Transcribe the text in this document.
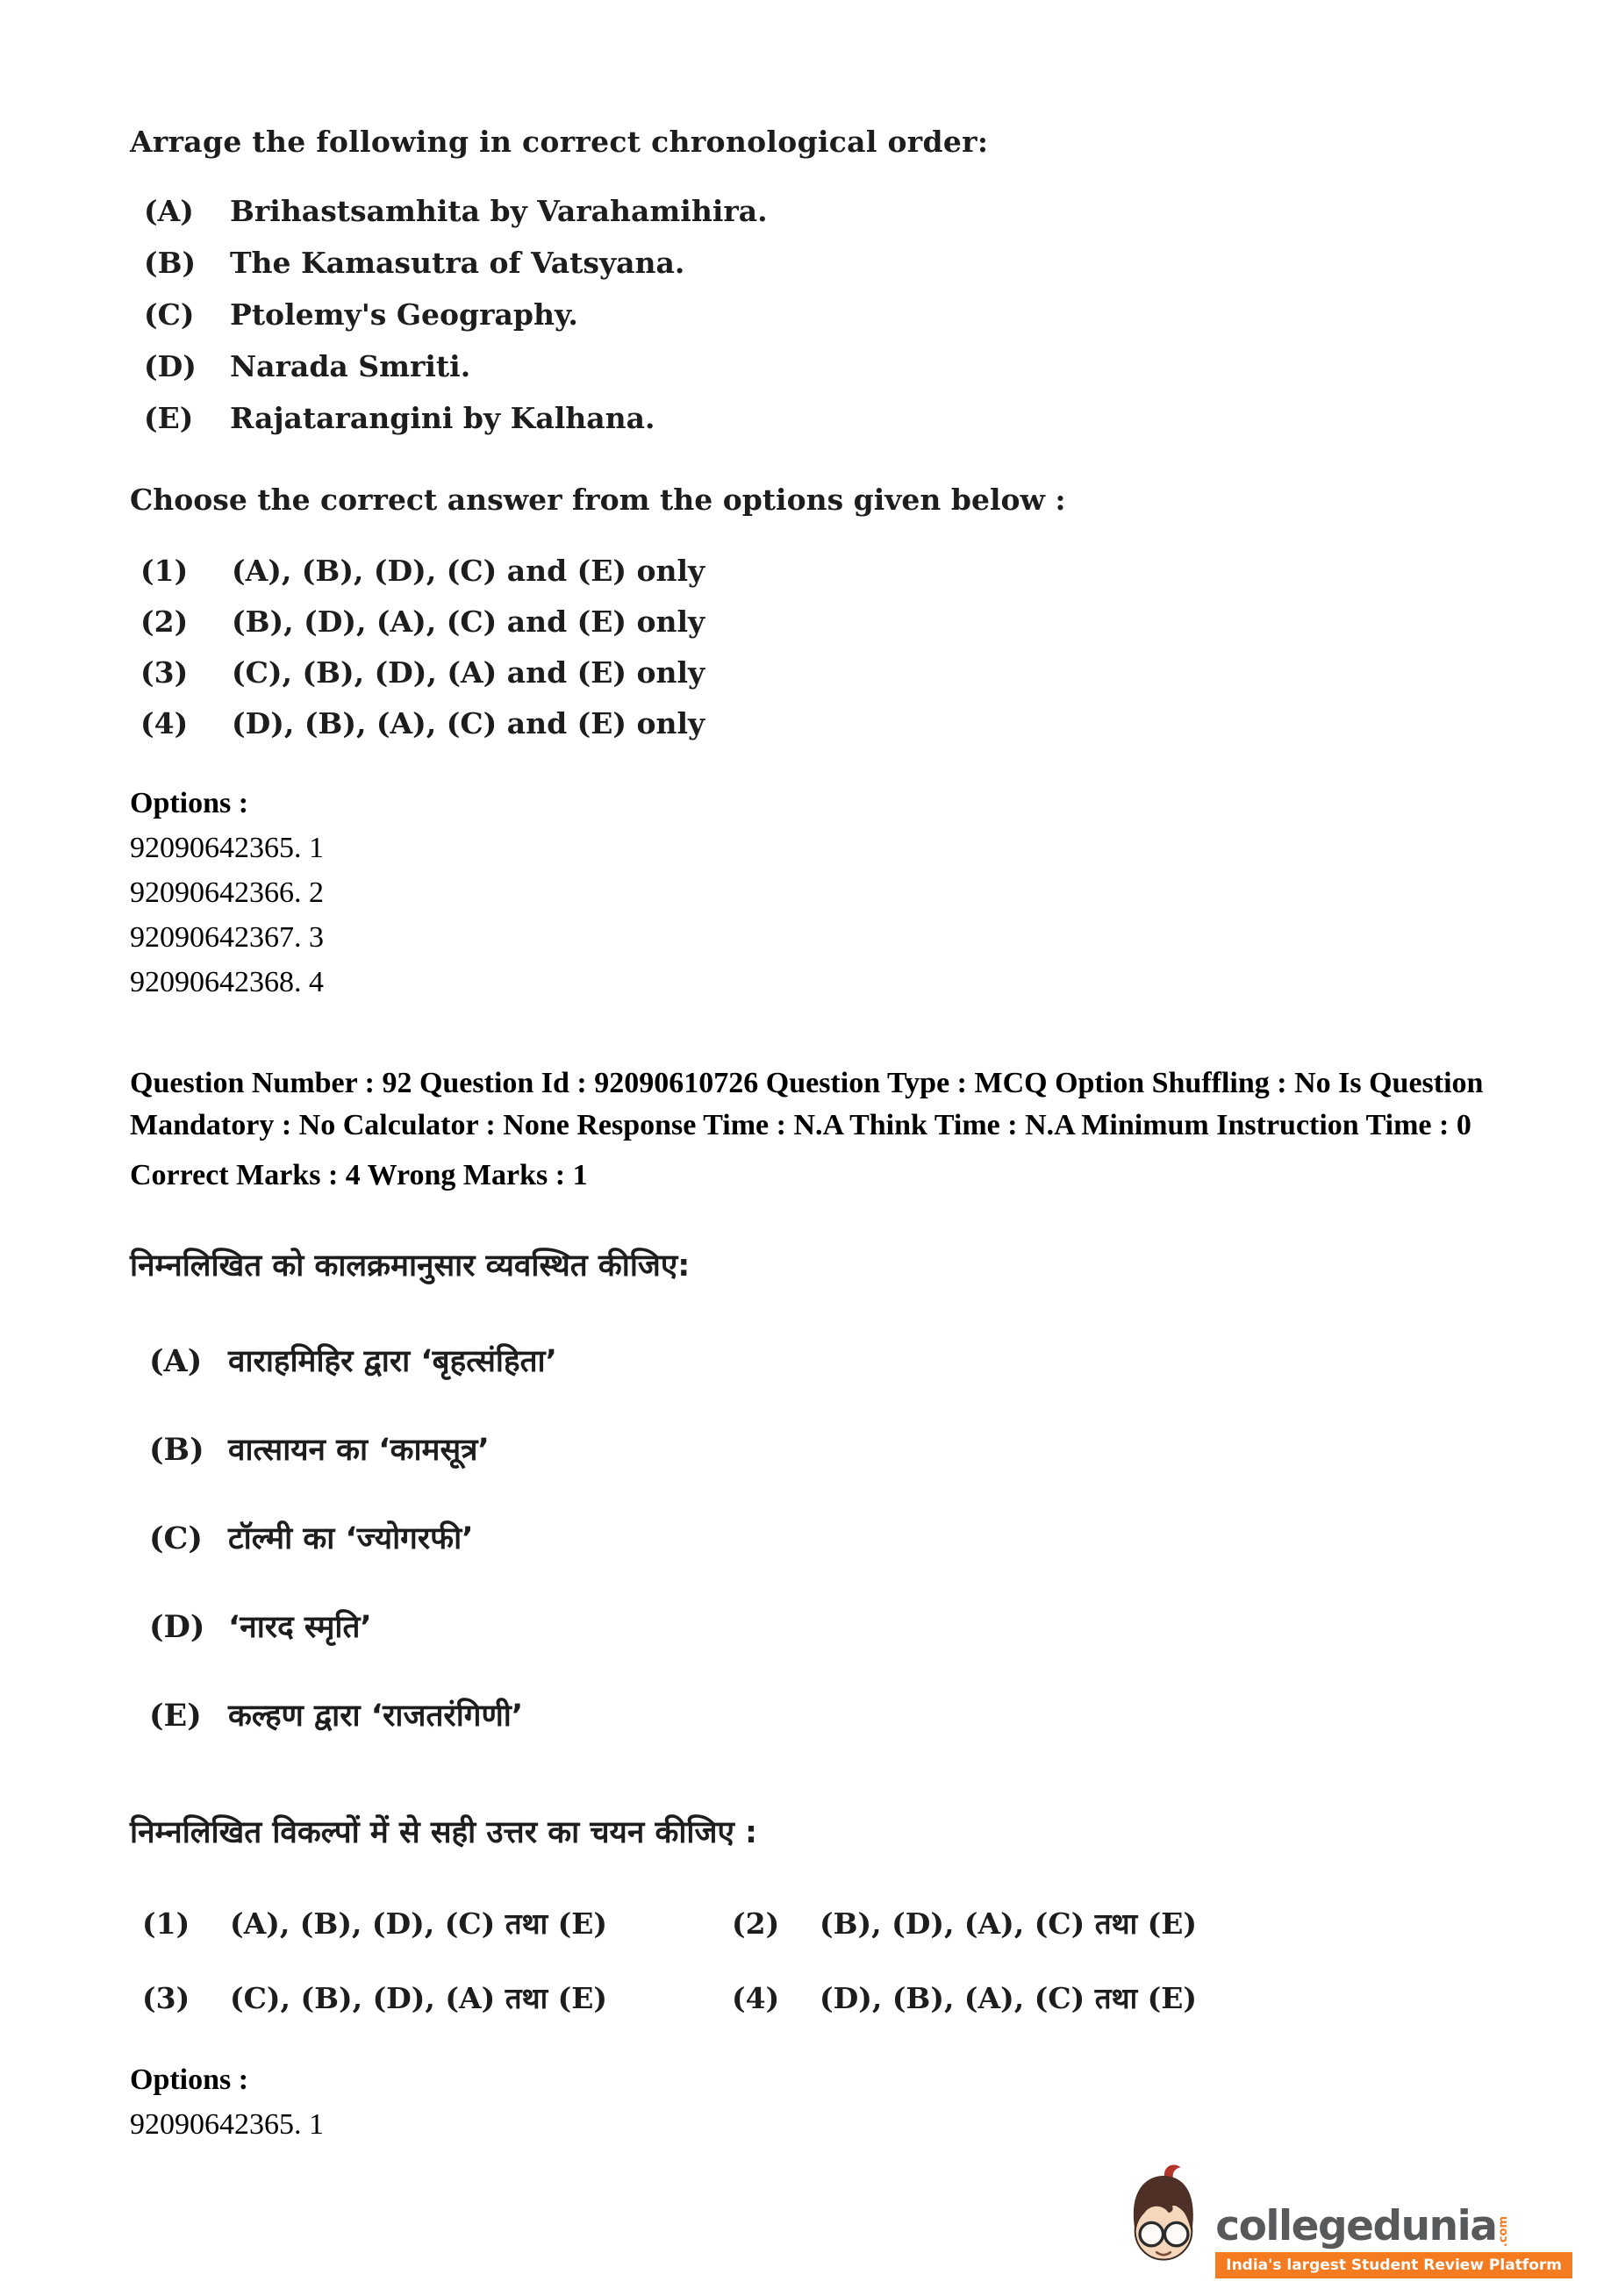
Arrage the following in correct chronological order:

(A)	Brihastsamhita by Varahamihira.
(B)	The Kamasutra of Vatsyana.
(C)	Ptolemy's Geography.
(D)	Narada Smriti.
(E)	Rajatarangini by Kalhana.

Choose the correct answer from the options given below :

(1)	(A), (B), (D), (C) and (E) only
(2)	(B), (D), (A), (C) and (E) only
(3)	(C), (B), (D), (A) and (E) only
(4)	(D), (B), (A), (C) and (E) only

Options :

92090642365. 1

92090642366. 2

92090642367. 3

92090642368. 4

Question Number : 92 Question Id : 92090610726 Question Type : MCQ Option Shuffling : No Is Question Mandatory : No Calculator : None Response Time : N.A Think Time : N.A Minimum Instruction Time : 0

Correct Marks : 4 Wrong Marks : 1

निम्नलिखित को कालक्रमानुसार व्यवस्थित कीजिए:

(A) वाराहमिहिर द्वारा ‘बृहत्संहिता’
(B) वात्सायन का ‘कामसूत्र’
(C) टॉल्मी का ‘ज्योगरफी’
(D) ‘नारद स्मृति’
(E) कल्हण द्वारा ‘राजतरंगिणी’

निम्नलिखित विकल्पों में से सही उत्तर का चयन कीजिए :

(1)	(A), (B), (D), (C) तथा (E)	(2)	(B), (D), (A), (C) तथा (E)
(3)	(C), (B), (D), (A) तथा (E)	(4)	(D), (B), (A), (C) तथा (E)

Options :

92090642365. 1

collegedunia .com
India's largest Student Review Platform
